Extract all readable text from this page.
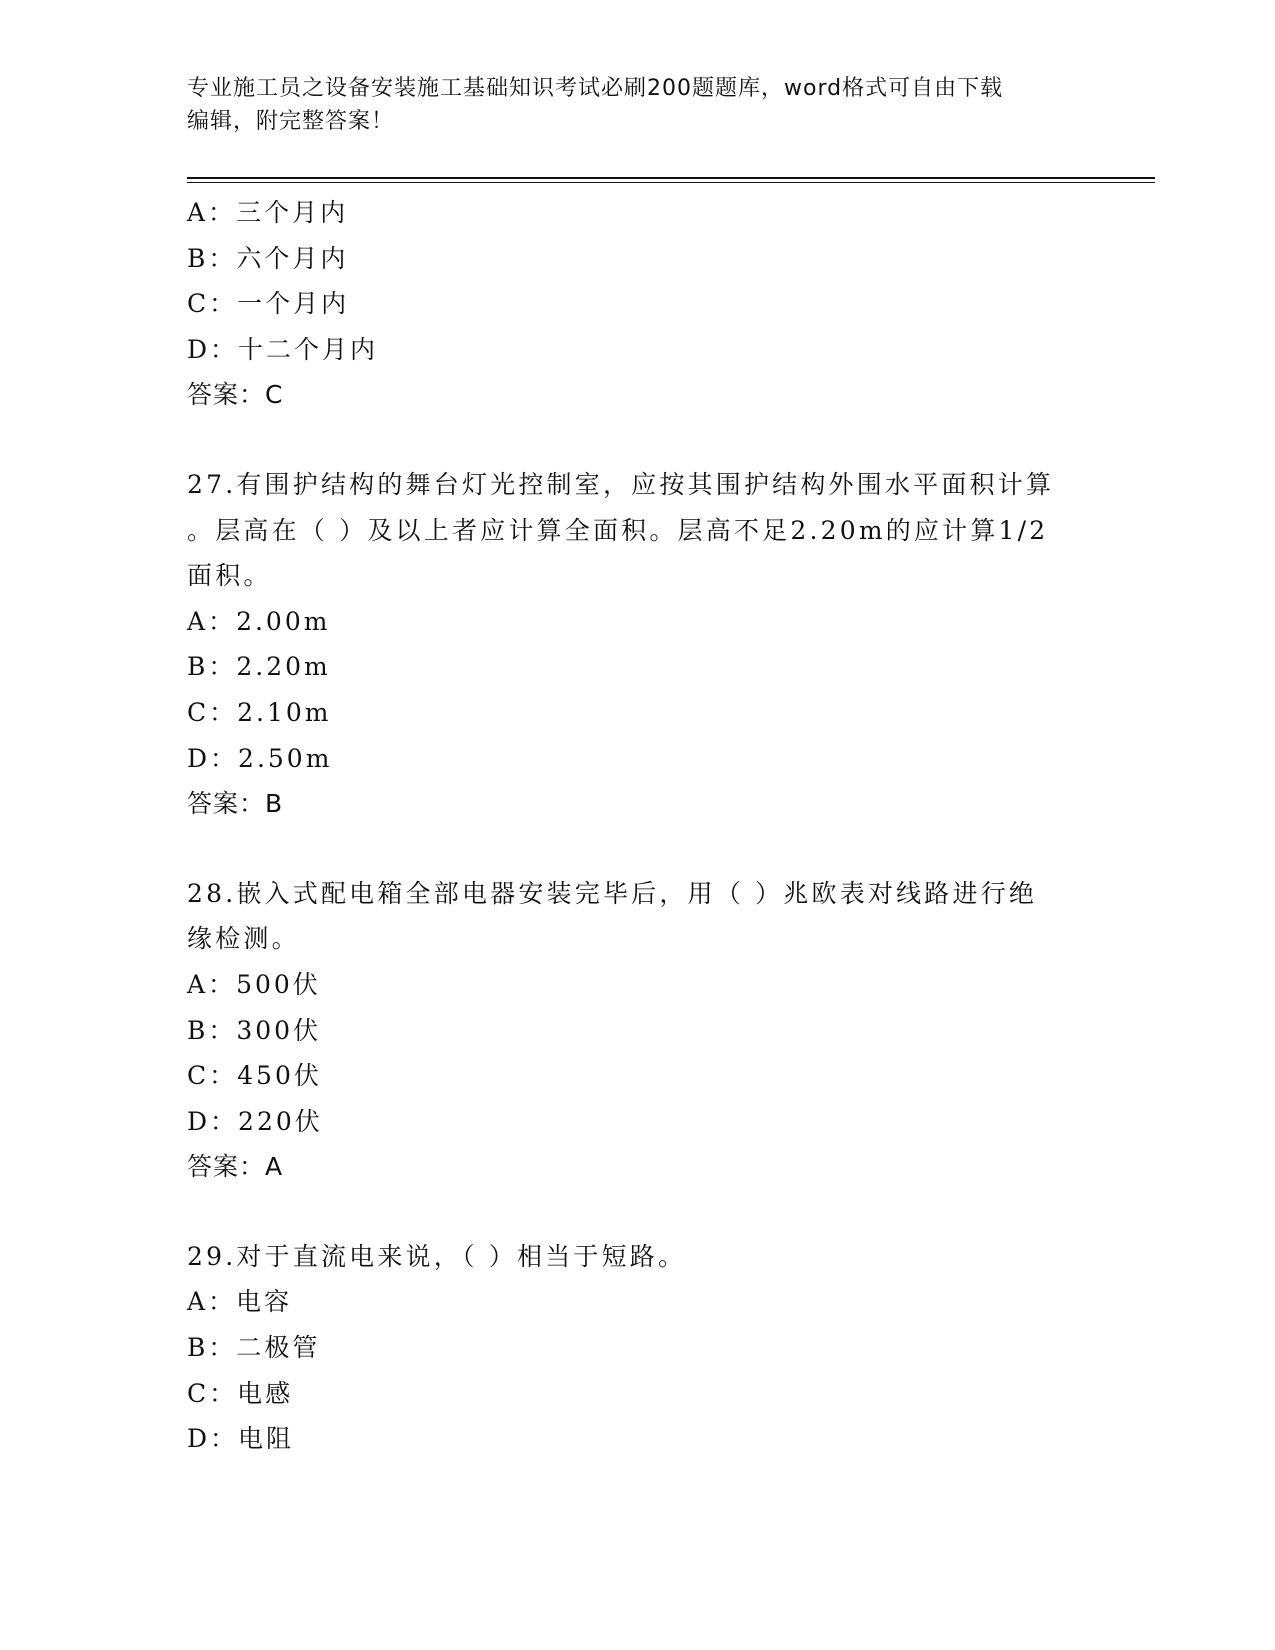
专业施工员之设备安装施工基础知识考试必刷200题题库，word格式可自由下载
编辑，附完整答案！
A：三个月内
B：六个月内
C：一个月内
D：十二个月内
答案：C
27.有围护结构的舞台灯光控制室，应按其围护结构外围水平面积计算
。层高在（ ）及以上者应计算全面积。层高不足2.20m的应计算1/2
面积。
A：2.00m
B：2.20m
C：2.10m
D：2.50m
答案：B
28.嵌入式配电箱全部电器安装完毕后，用（ ）兆欧表对线路进行绝
缘检测。
A：500伏
B：300伏
C：450伏
D：220伏
答案：A
29.对于直流电来说，（ ）相当于短路。
A：电容
B：二极管
C：电感
D：电阻
